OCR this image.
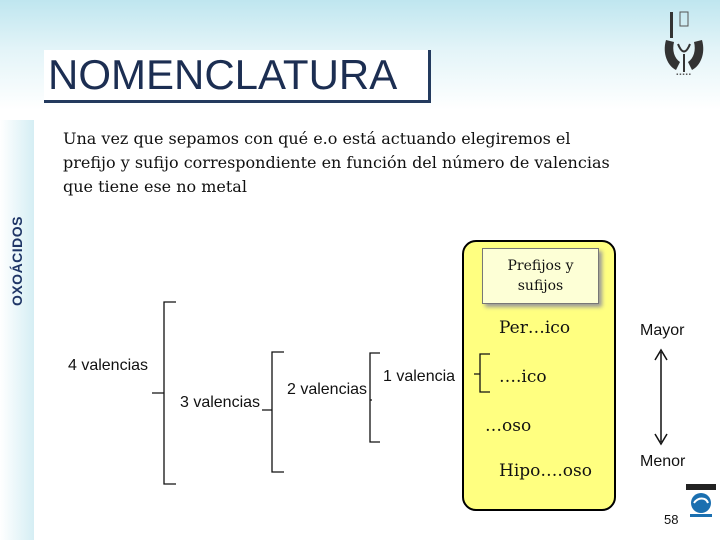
OXOÁCIDOS
NOMENCLATURA	▪▪▪▪▪
Una vez que sepamos con qué e.o está actuando elegiremos el prefijo y sufijo correspondiente en función del número de valencias que tiene ese no metal
Prefijos y sufijos
Per…ico
….ico
…oso
Hipo….oso
Mayor
Menor
4 valencias
3 valencias
2 valencias
1 valencia
58
